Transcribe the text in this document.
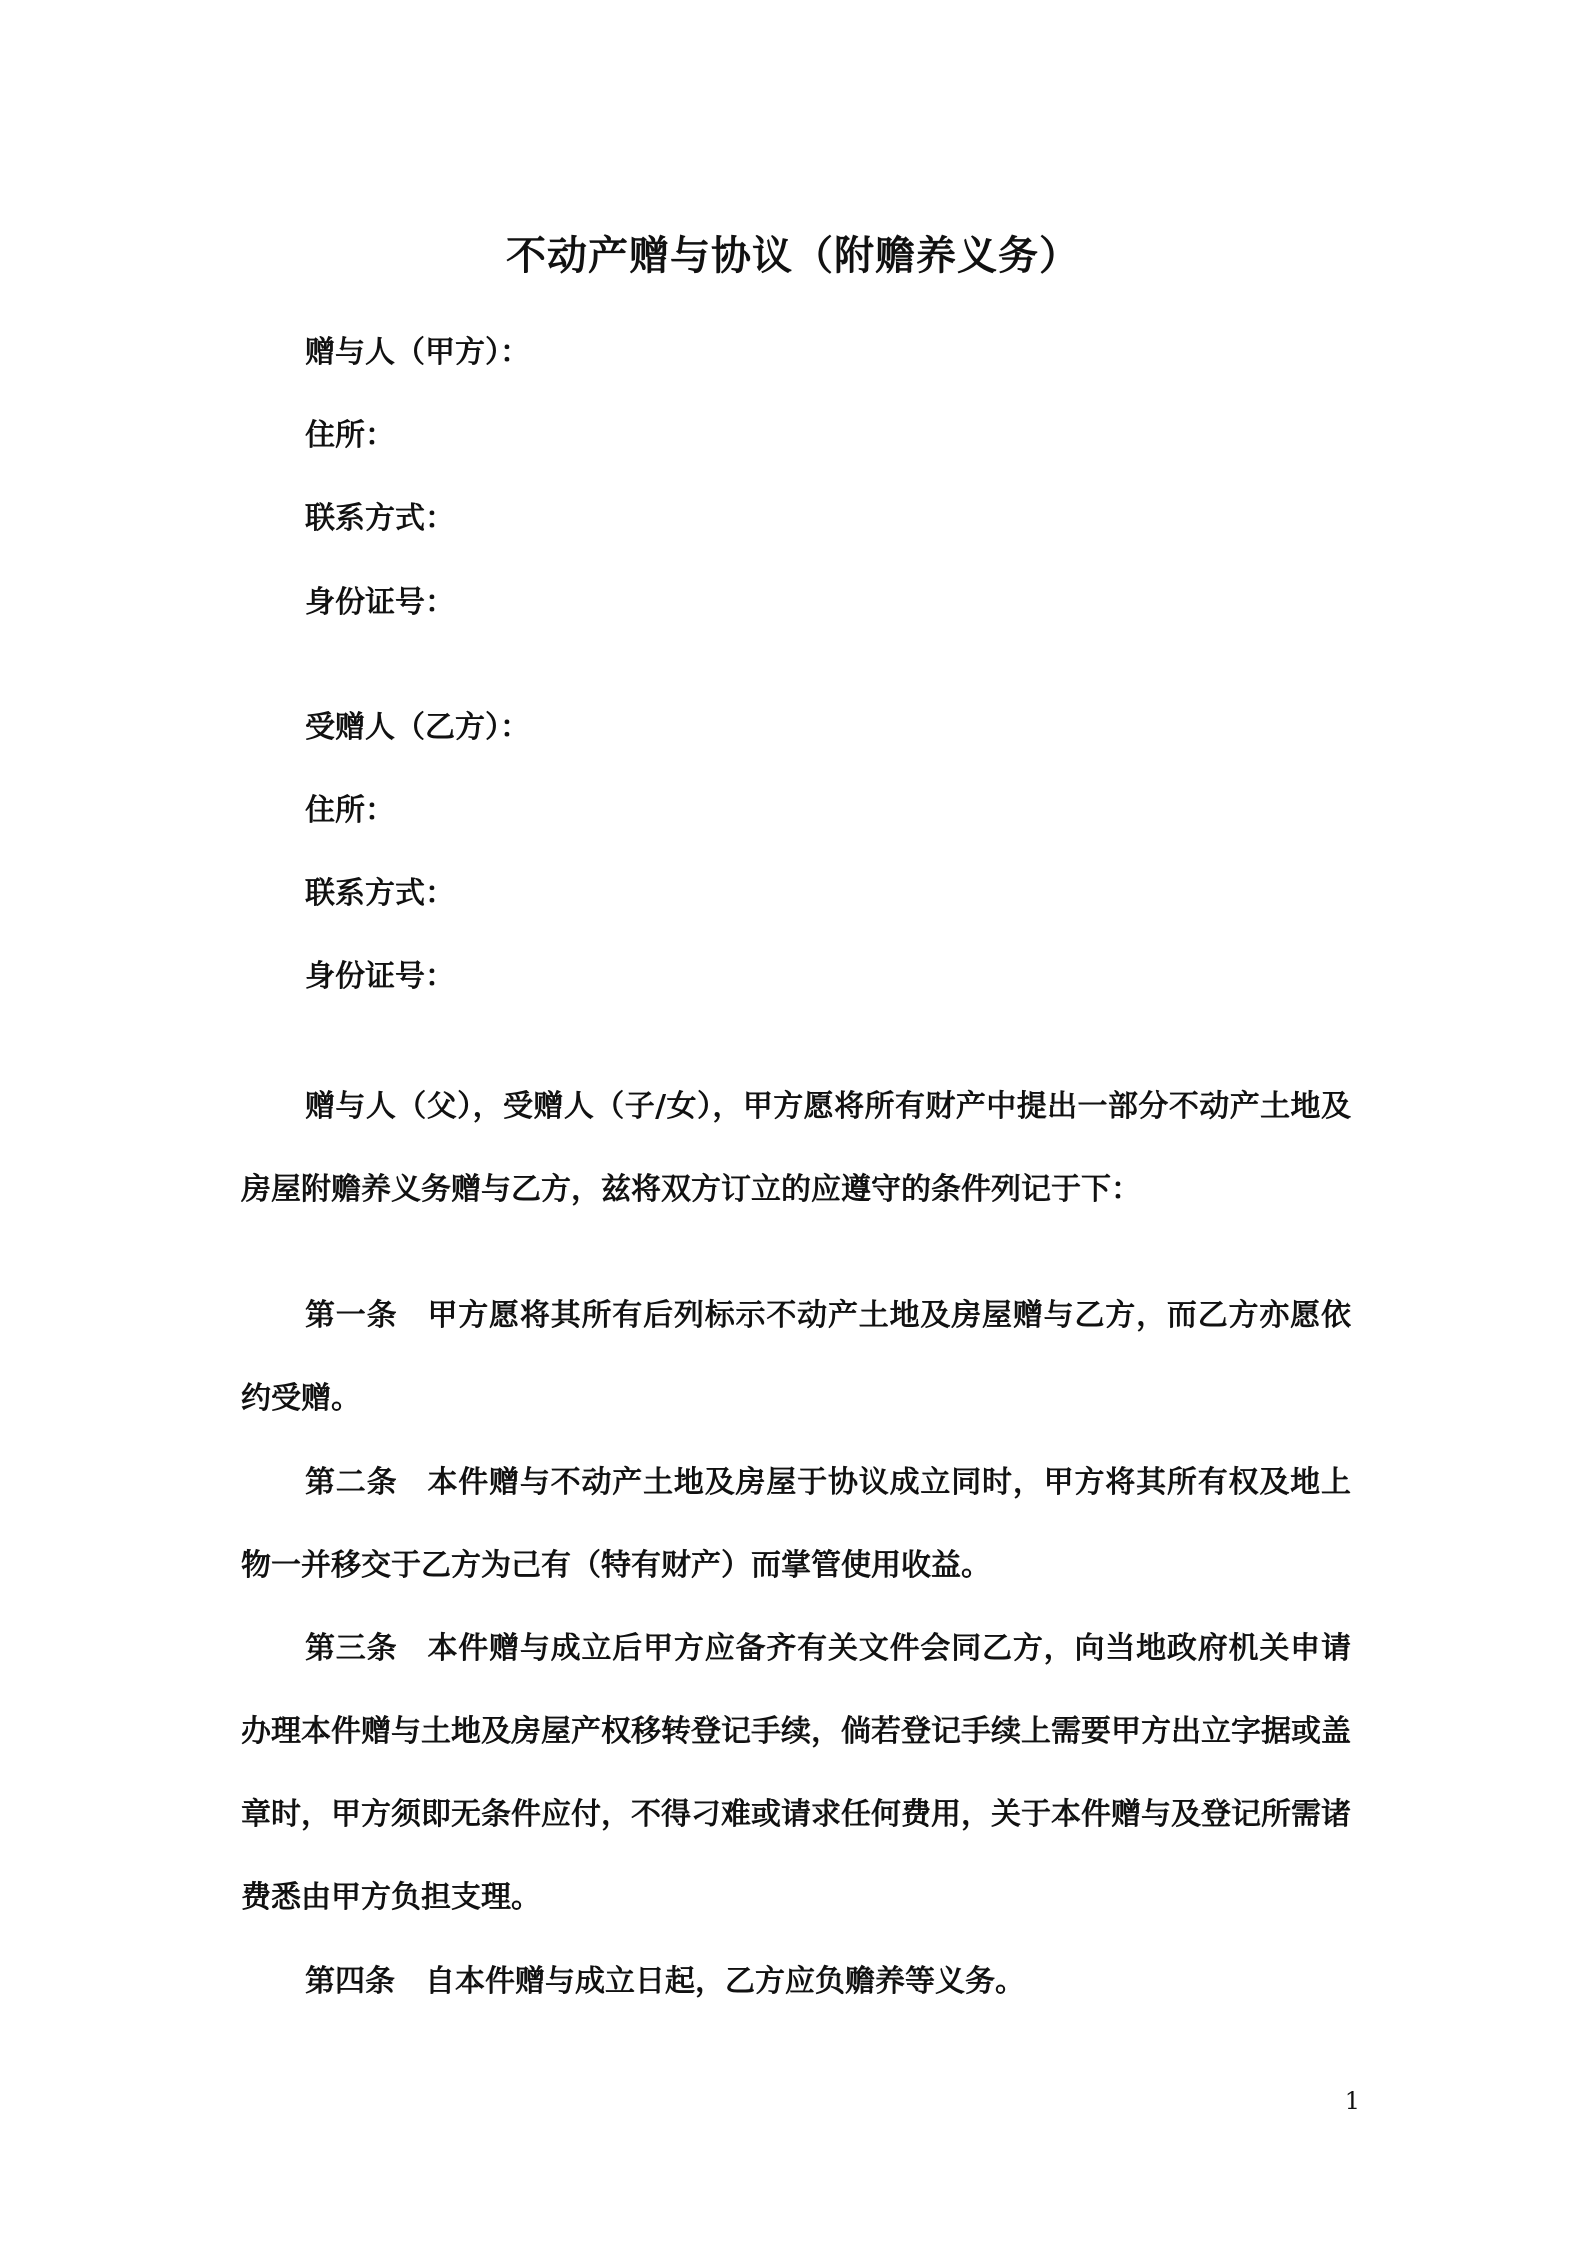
不动产赠与协议（附赡养义务）
赠与人（甲方）：
住所：
联系方式：
身份证号：
受赠人（乙方）：
住所：
联系方式：
身份证号：
赠与人（父），受赠人（子/女），甲方愿将所有财产中提出一部分不动产土地及房屋附赡养义务赠与乙方，兹将双方订立的应遵守的条件列记于下：
第一条 甲方愿将其所有后列标示不动产土地及房屋赠与乙方，而乙方亦愿依约受赠。
第二条 本件赠与不动产土地及房屋于协议成立同时，甲方将其所有权及地上物一并移交于乙方为己有（特有财产）而掌管使用收益。
第三条 本件赠与成立后甲方应备齐有关文件会同乙方，向当地政府机关申请办理本件赠与土地及房屋产权移转登记手续，倘若登记手续上需要甲方出立字据或盖章时，甲方须即无条件应付，不得刁难或请求任何费用，关于本件赠与及登记所需诸费悉由甲方负担支理。
第四条 自本件赠与成立日起，乙方应负赡养等义务。
1
